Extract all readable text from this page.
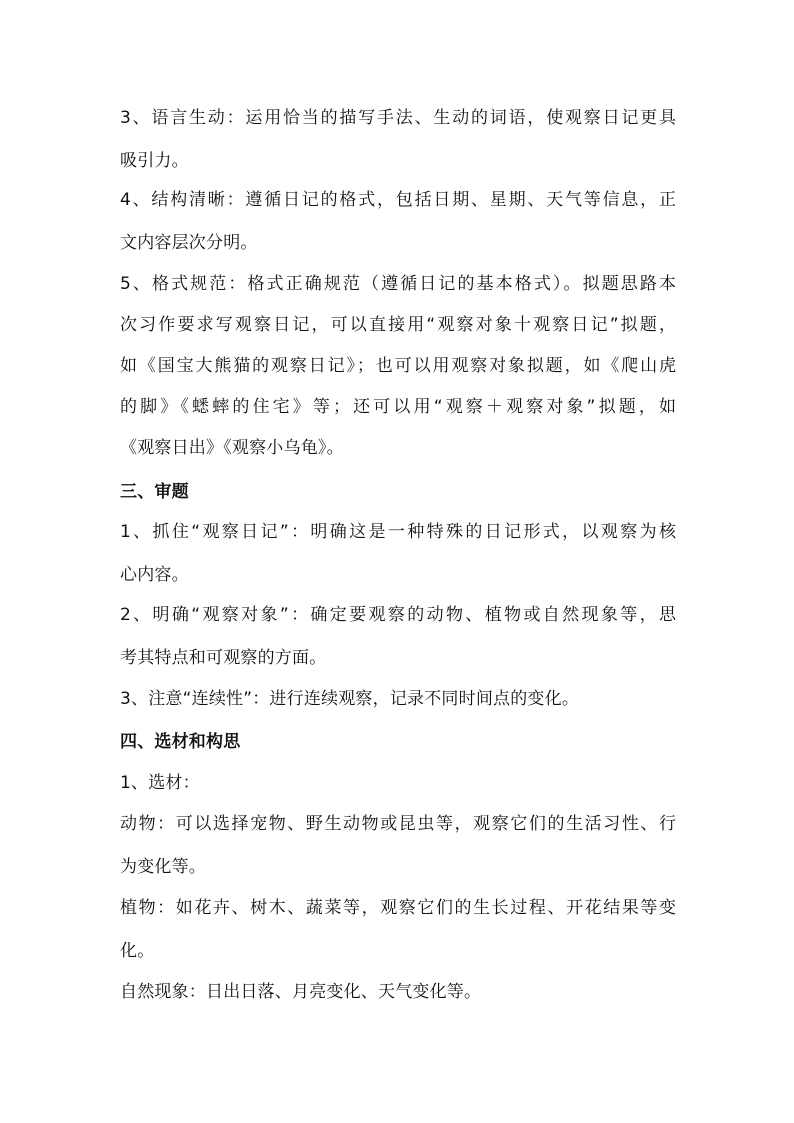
3、语言生动：运用恰当的描写手法、生动的词语，使观察日记更具
吸引力。
4、结构清晰：遵循日记的格式，包括日期、星期、天气等信息，正
文内容层次分明。
5、格式规范：格式正确规范（遵循日记的基本格式）。拟题思路本
次习作要求写观察日记，可以直接用“观察对象十观察日记”拟题，
如《国宝大熊猫的观察日记》；也可以用观察对象拟题，如《爬山虎
的脚》《蟋蟀的住宅》等；还可以用“观察＋观察对象”拟题，如
《观察日出》《观察小乌龟》。
三、审题
1、抓住“观察日记”：明确这是一种特殊的日记形式，以观察为核
心内容。
2、明确“观察对象”：确定要观察的动物、植物或自然现象等，思
考其特点和可观察的方面。
3、注意“连续性”：进行连续观察，记录不同时间点的变化。
四、选材和构思
1、选材：
动物：可以选择宠物、野生动物或昆虫等，观察它们的生活习性、行
为变化等。
植物：如花卉、树木、蔬菜等，观察它们的生长过程、开花结果等变
化。
自然现象：日出日落、月亮变化、天气变化等。
